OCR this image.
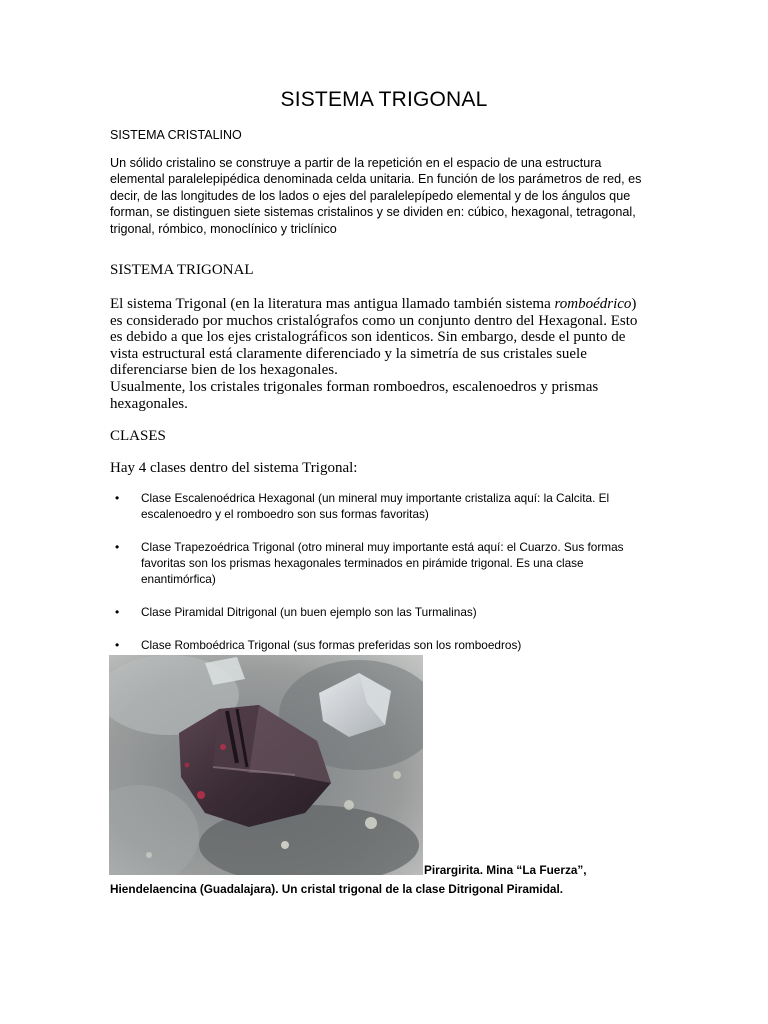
SISTEMA TRIGONAL
SISTEMA CRISTALINO
Un sólido cristalino se construye a partir de la repetición en el espacio de una estructura elemental paralelepipédica denominada celda unitaria. En función de los parámetros de red, es decir, de las longitudes de los lados o ejes del paralelepípedo elemental y de los ángulos que forman, se distinguen siete sistemas cristalinos y se dividen en: cúbico, hexagonal, tetragonal, trigonal, rómbico, monoclínico y triclínico
SISTEMA TRIGONAL
El sistema Trigonal (en la literatura mas antigua llamado también sistema romboédrico) es considerado por muchos cristalógrafos como un conjunto dentro del Hexagonal. Esto es debido a que los ejes cristalográficos son identicos. Sin embargo, desde el punto de vista estructural está claramente diferenciado y la simetría de sus cristales suele diferenciarse bien de los hexagonales.
Usualmente, los cristales trigonales forman romboedros, escalenoedros y prismas hexagonales.
CLASES
Hay 4 clases dentro del sistema Trigonal:
• Clase Escalenoédrica Hexagonal (un mineral muy importante cristaliza aquí: la Calcita. El escalenoedro y el romboedro son sus formas favoritas)
• Clase Trapezoédrica Trigonal (otro mineral muy importante está aquí: el Cuarzo. Sus formas favoritas son los prismas hexagonales terminados en pirámide trigonal. Es una clase enantimórfica)
• Clase Piramidal Ditrigonal (un buen ejemplo son las Turmalinas)
• Clase Romboédrica Trigonal (sus formas preferidas son los romboedros)
Pirargirita. Mina “La Fuerza”, Hiendelaencina (Guadalajara). Un cristal trigonal de la clase Ditrigonal Piramidal.
